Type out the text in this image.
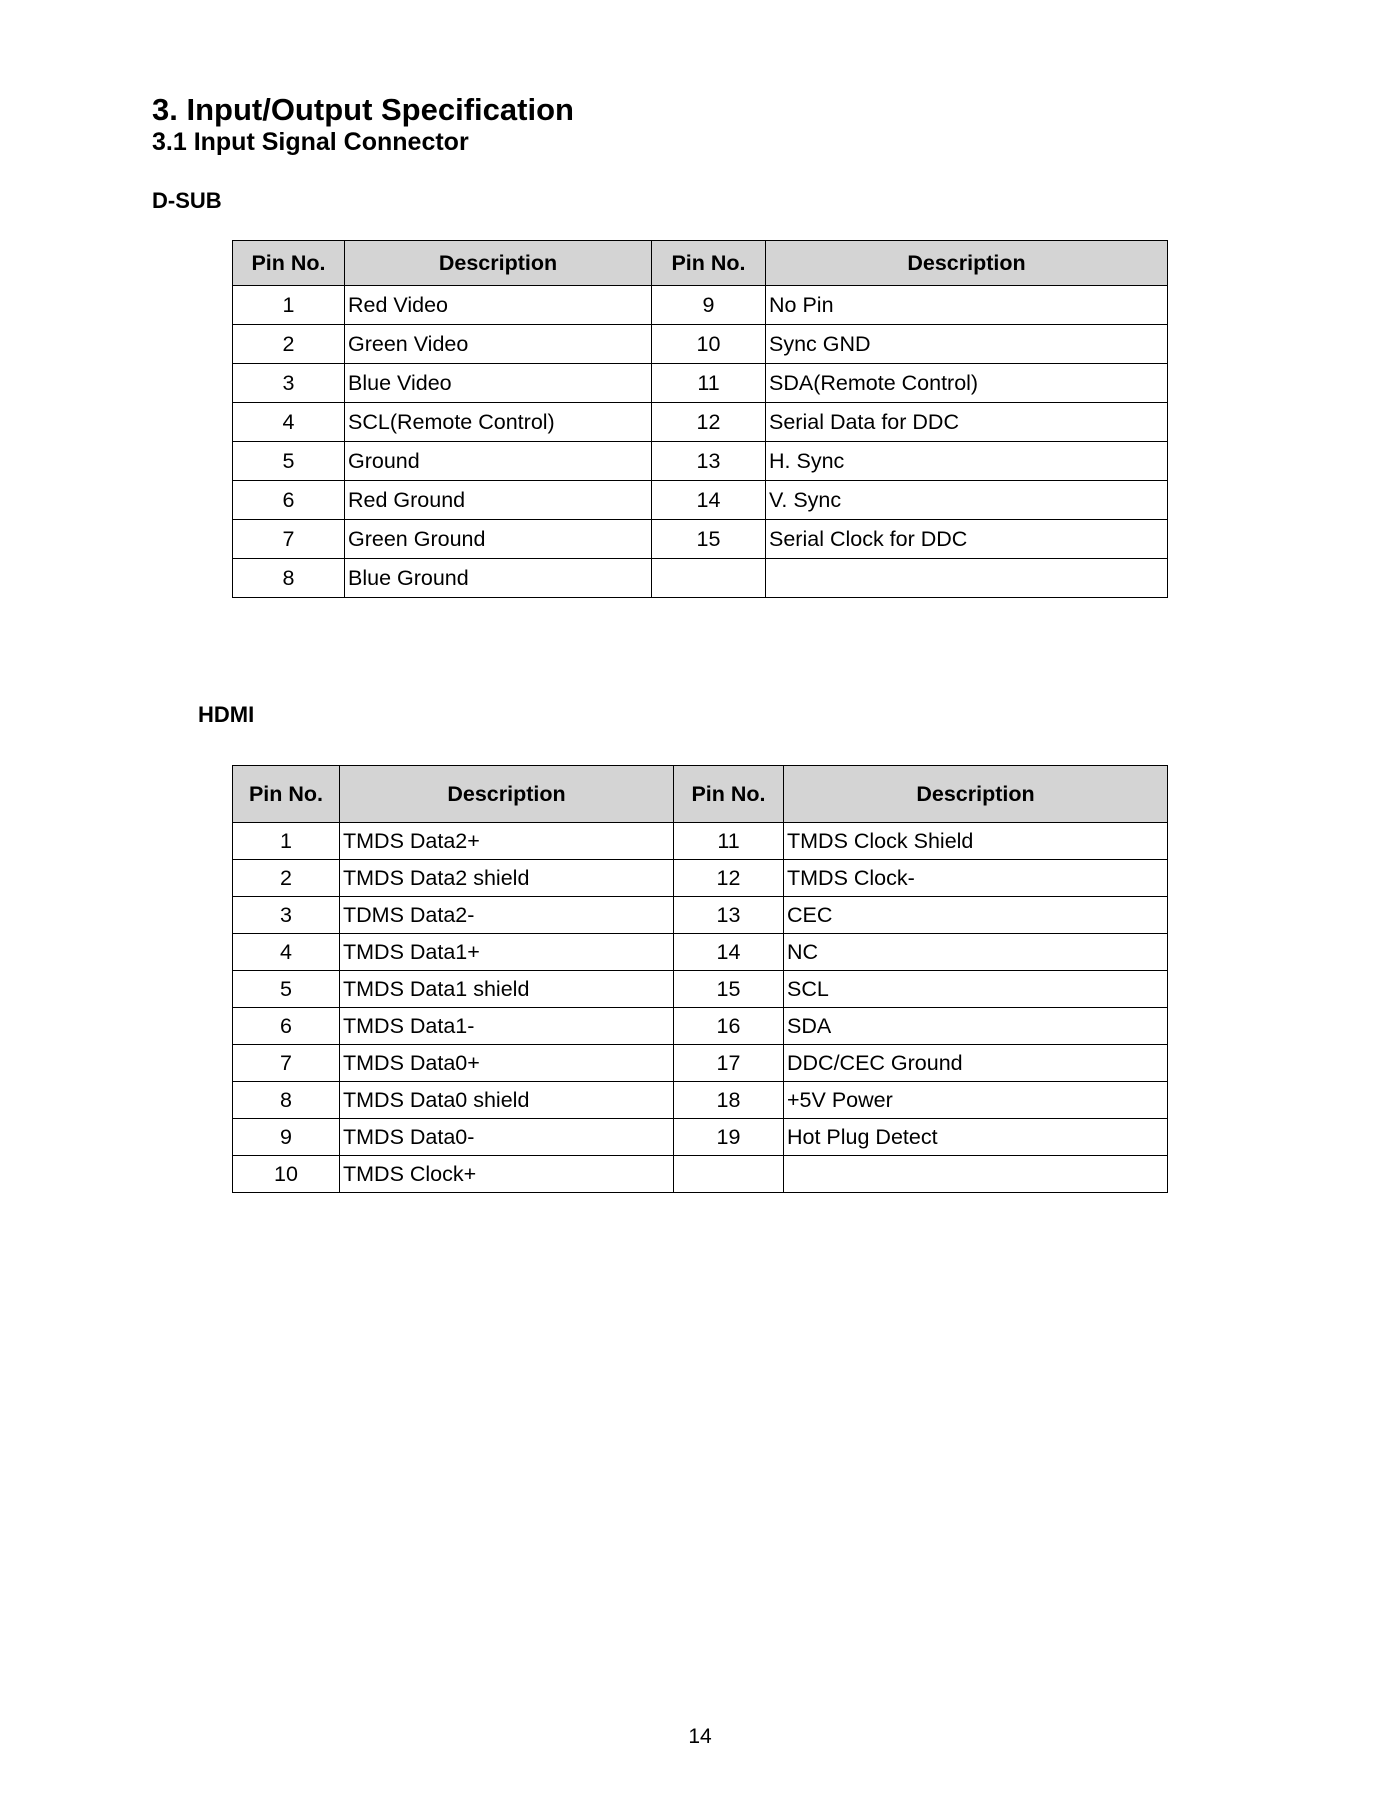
3. Input/Output Specification
3.1 Input Signal Connector
D-SUB
Pin No.	Description	Pin No.	Description
1	Red Video	9	No Pin
2	Green Video	10	Sync GND
3	Blue Video	11	SDA(Remote Control)
4	SCL(Remote Control)	12	Serial Data for DDC
5	Ground	13	H. Sync
6	Red Ground	14	V. Sync
7	Green Ground	15	Serial Clock for DDC
8	Blue Ground		
HDMI
Pin No.	Description	Pin No.	Description
1	TMDS Data2+	11	TMDS Clock Shield
2	TMDS Data2 shield	12	TMDS Clock-
3	TDMS Data2-	13	CEC
4	TMDS Data1+	14	NC
5	TMDS Data1 shield	15	SCL
6	TMDS Data1-	16	SDA
7	TMDS Data0+	17	DDC/CEC Ground
8	TMDS Data0 shield	18	+5V Power
9	TMDS Data0-	19	Hot Plug Detect
10	TMDS Clock+		
14
